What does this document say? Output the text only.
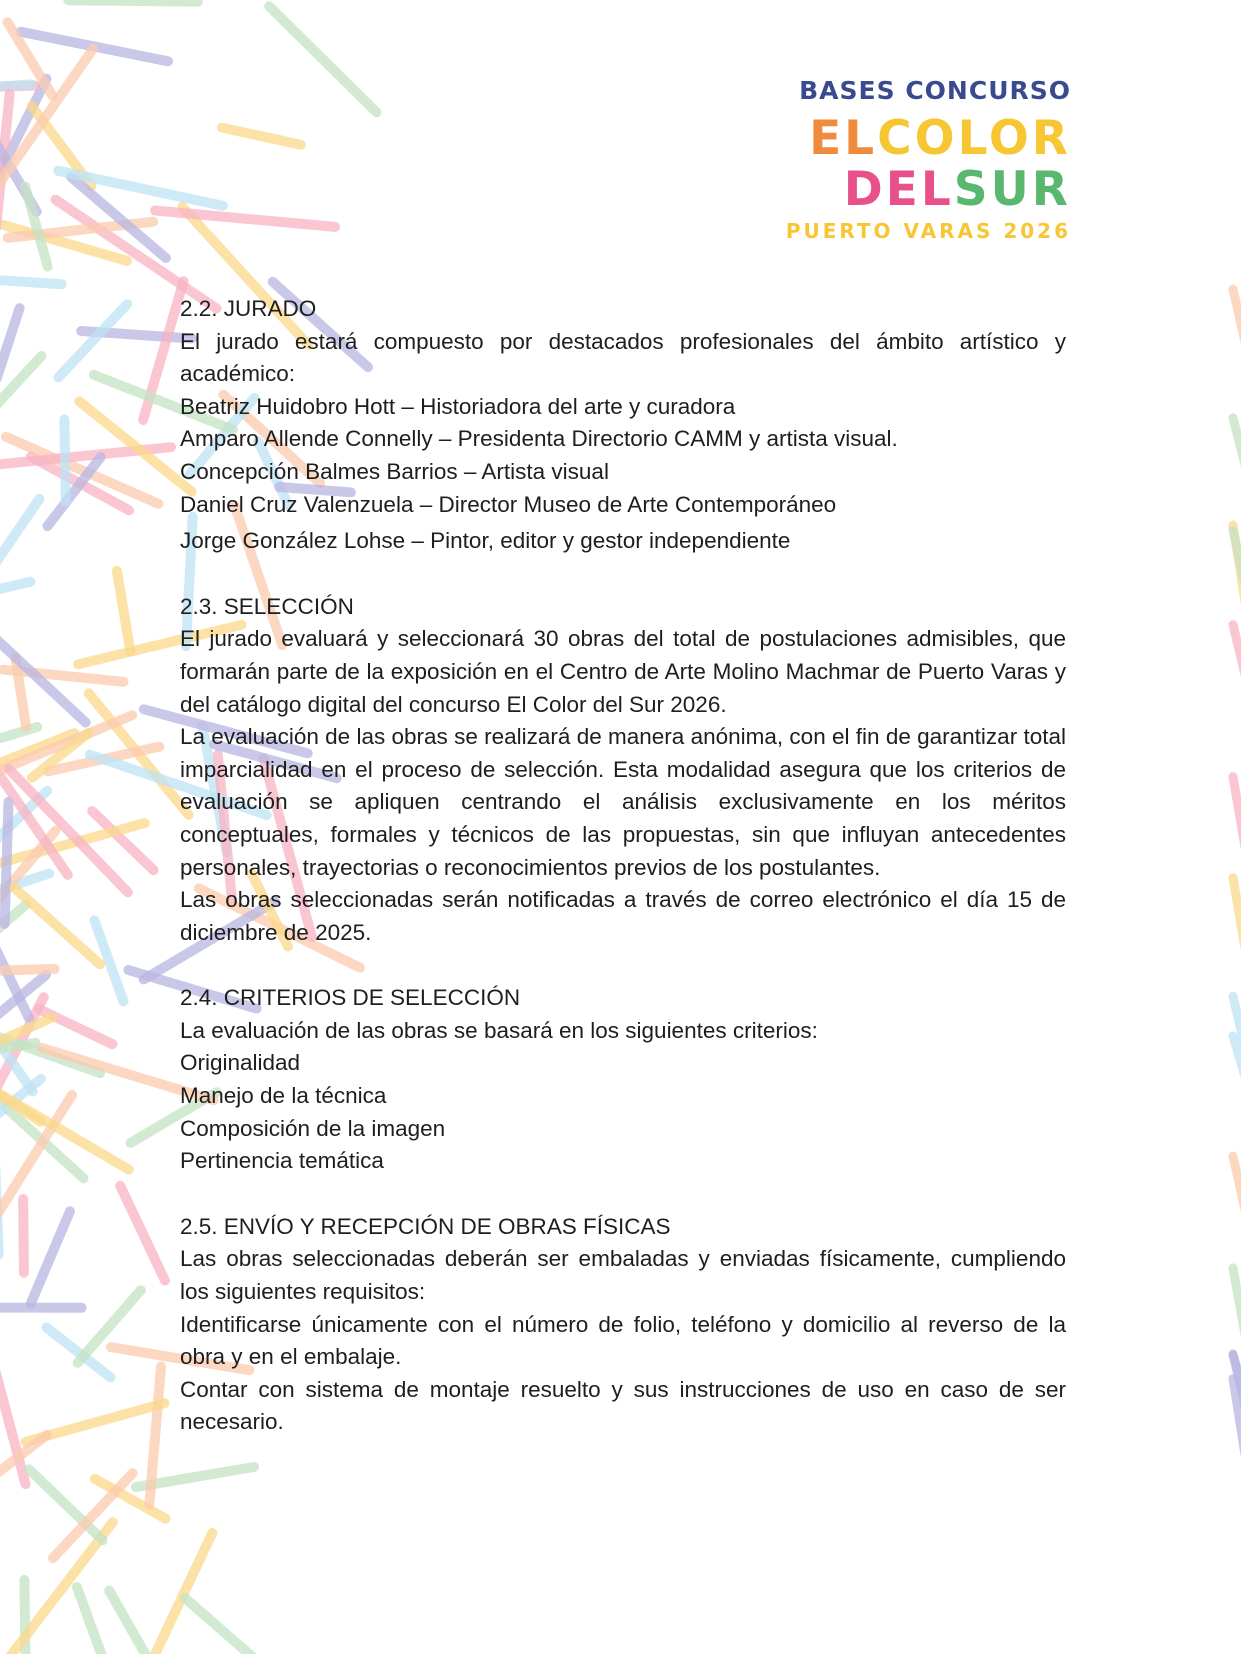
BASES CONCURSO
ELCOLOR
DELSUR
PUERTO VARAS 2026
2.2. JURADO

El jurado estará compuesto por destacados profesionales del ámbito artístico y académico:

Beatriz Huidobro Hott – Historiadora del arte y curadora
Amparo Allende Connelly – Presidenta Directorio CAMM y artista visual.
Concepción Balmes Barrios – Artista visual
Daniel Cruz Valenzuela – Director Museo de Arte Contemporáneo
Jorge González Lohse – Pintor, editor y gestor independiente
2.3. SELECCIÓN

El jurado evaluará y seleccionará 30 obras del total de postulaciones admisibles, que formarán parte de la exposición en el Centro de Arte Molino Machmar de Puerto Varas y del catálogo digital del concurso El Color del Sur 2026.

La evaluación de las obras se realizará de manera anónima, con el fin de garantizar total imparcialidad en el proceso de selección. Esta modalidad asegura que los criterios de evaluación se apliquen centrando el análisis exclusivamente en los méritos conceptuales, formales y técnicos de las propuestas, sin que influyan antecedentes personales, trayectorias o reconocimientos previos de los postulantes.

Las obras seleccionadas serán notificadas a través de correo electrónico el día 15 de diciembre de 2025.

2.4. CRITERIOS DE SELECCIÓN

La evaluación de las obras se basará en los siguientes criterios:

Originalidad
Manejo de la técnica
Composición de la imagen
Pertinencia temática
2.5. ENVÍO Y RECEPCIÓN DE OBRAS FÍSICAS

Las obras seleccionadas deberán ser embaladas y enviadas físicamente, cumpliendo los siguientes requisitos:

Identificarse únicamente con el número de folio, teléfono y domicilio al reverso de la obra y en el embalaje.

Contar con sistema de montaje resuelto y sus instrucciones de uso en caso de ser necesario.
